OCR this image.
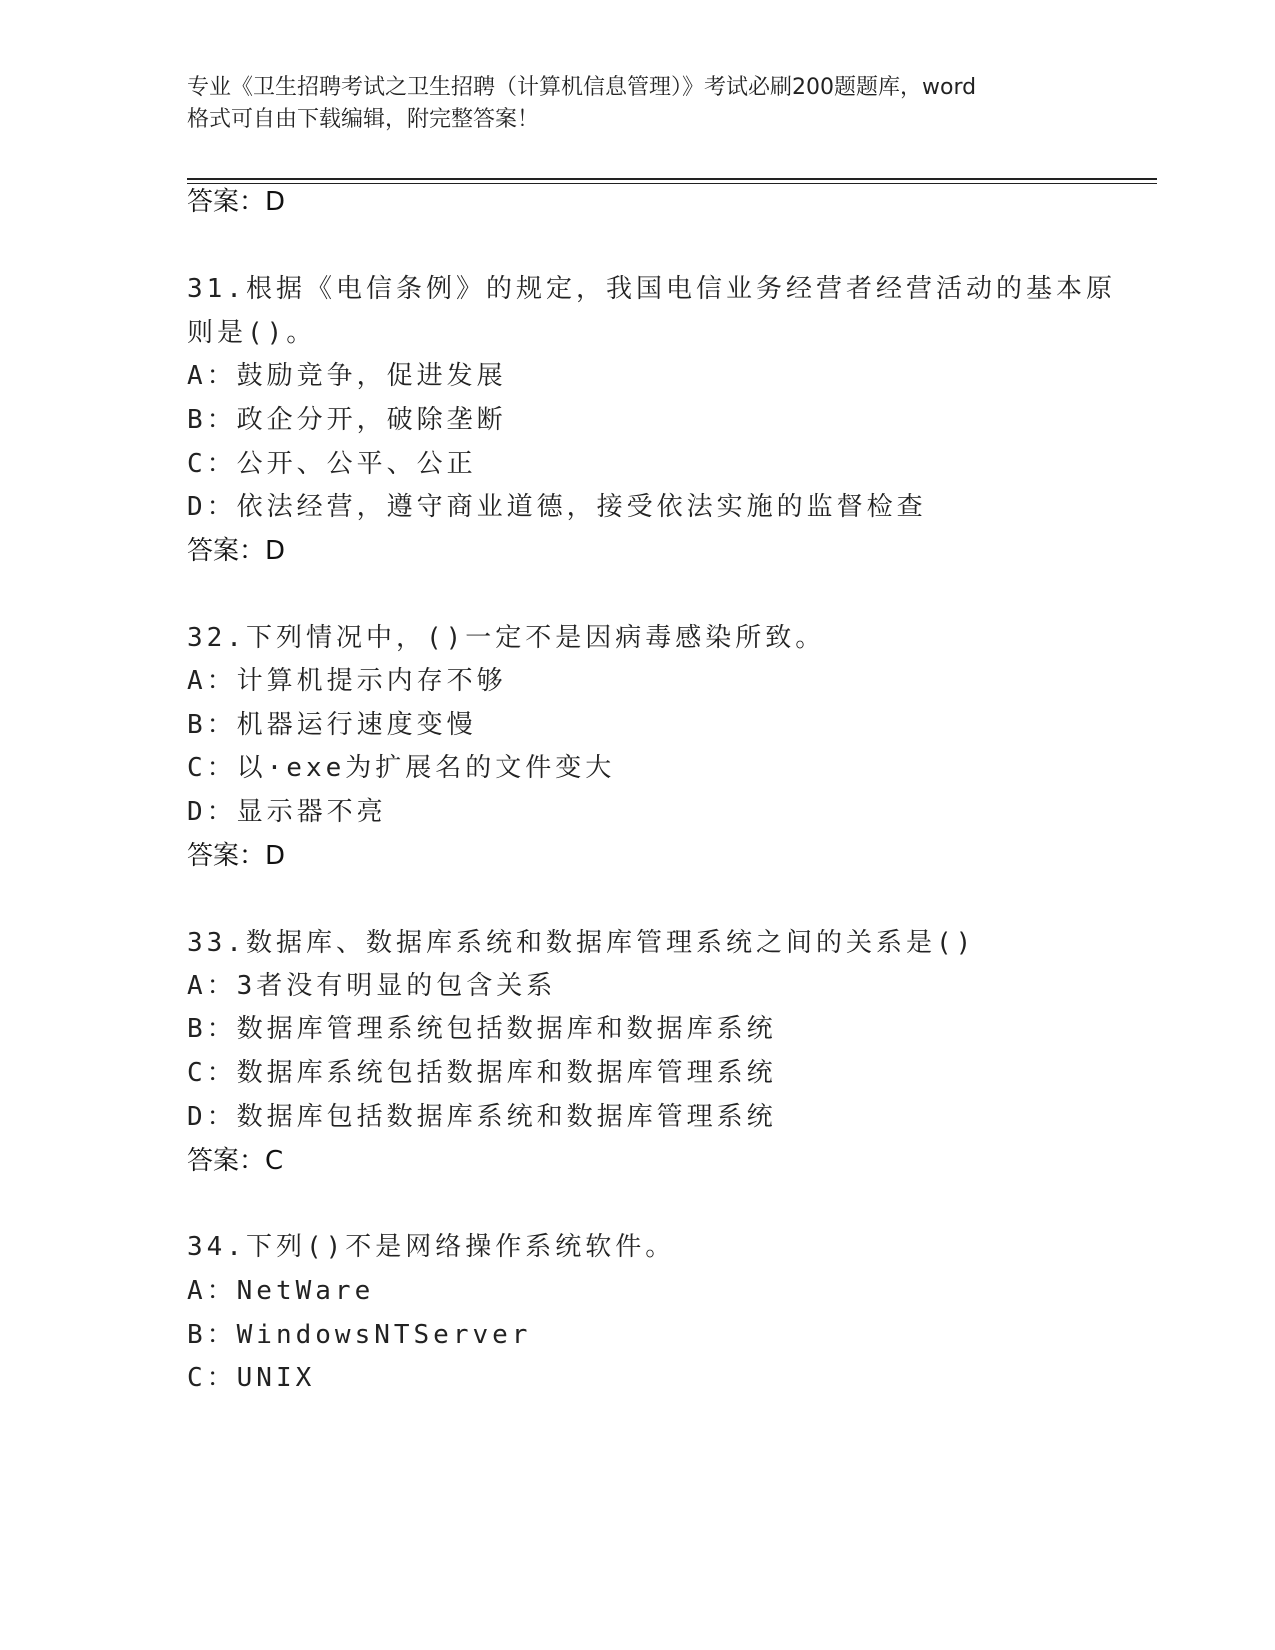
专业《卫生招聘考试之卫生招聘（计算机信息管理）》考试必刷200题题库，word
格式可自由下载编辑，附完整答案！
答案：D
31.根据《电信条例》的规定，我国电信业务经营者经营活动的基本原
则是()。
A：鼓励竞争，促进发展
B：政企分开，破除垄断
C：公开、公平、公正
D：依法经营，遵守商业道德，接受依法实施的监督检查
答案：D
32.下列情况中，()一定不是因病毒感染所致。
A：计算机提示内存不够
B：机器运行速度变慢
C：以·exe为扩展名的文件变大
D：显示器不亮
答案：D
33.数据库、数据库系统和数据库管理系统之间的关系是()
A：3者没有明显的包含关系
B：数据库管理系统包括数据库和数据库系统
C：数据库系统包括数据库和数据库管理系统
D：数据库包括数据库系统和数据库管理系统
答案：C
34.下列()不是网络操作系统软件。
A：NetWare
B：WindowsNTServer
C：UNIX
